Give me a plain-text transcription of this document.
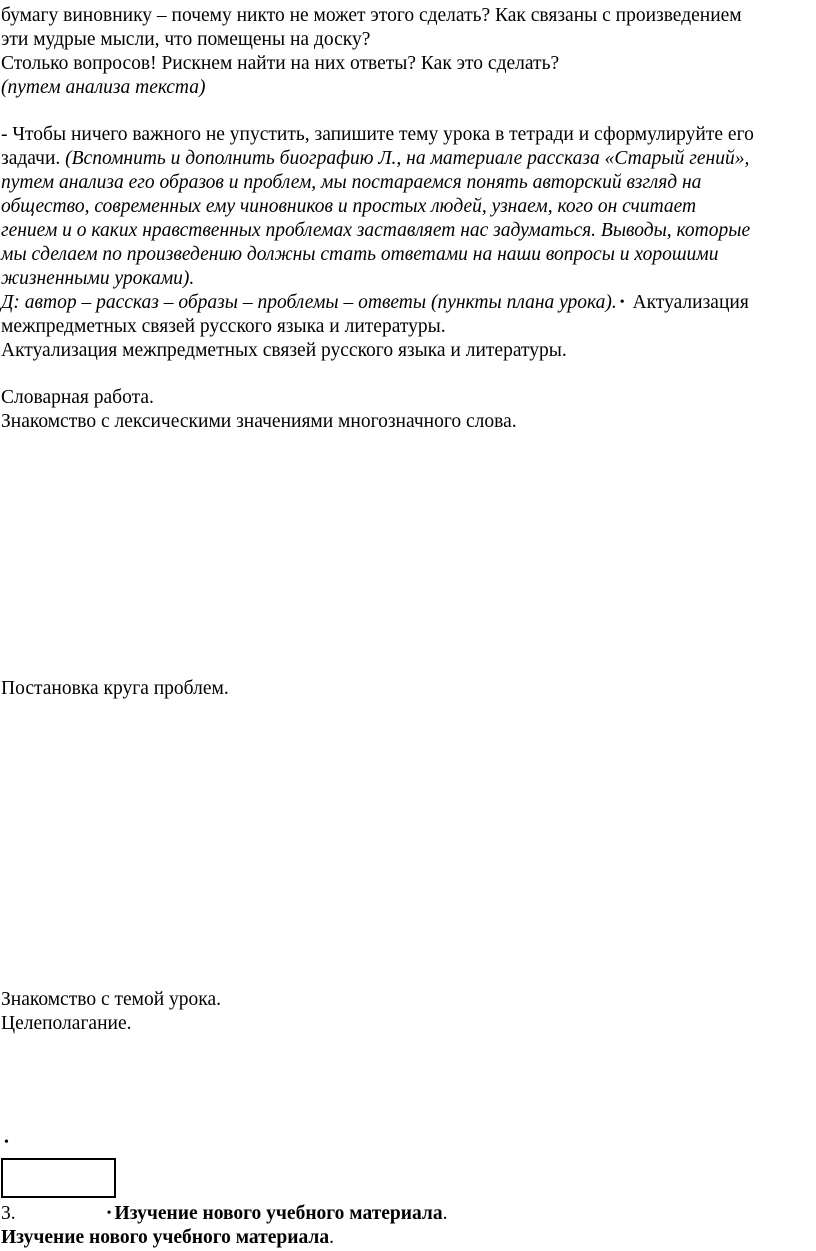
бумагу виновнику – почему никто не может этого сделать? Как связаны с произведением
эти мудрые мысли, что помещены на доску?
Столько вопросов! Рискнем найти на них ответы? Как это сделать?
(путем анализа текста)
- Чтобы ничего важного не упустить, запишите тему урока в тетради и сформулируйте его
задачи. (Вспомнить и дополнить биографию Л., на материале рассказа «Старый гений»,
путем анализа его образов и проблем, мы постараемся понять авторский взгляд на
общество, современных ему чиновников и простых людей, узнаем, кого он считает
гением и о каких нравственных проблемах заставляет нас задуматься. Выводы, которые
мы сделаем по произведению должны стать ответами на наши вопросы и хорошими
жизненными уроками).
Д: автор – рассказ – образы – проблемы – ответы (пункты плана урока). • Актуализация
межпредметных связей русского языка и литературы.
Актуализация межпредметных связей русского языка и литературы.
Словарная работа.
Знакомство с лексическими значениями многозначного слова.
Постановка круга проблем.
Знакомство с темой урока.
Целеполагание.
•
3.	• Изучение нового учебного материала.
Изучение нового учебного материала.
